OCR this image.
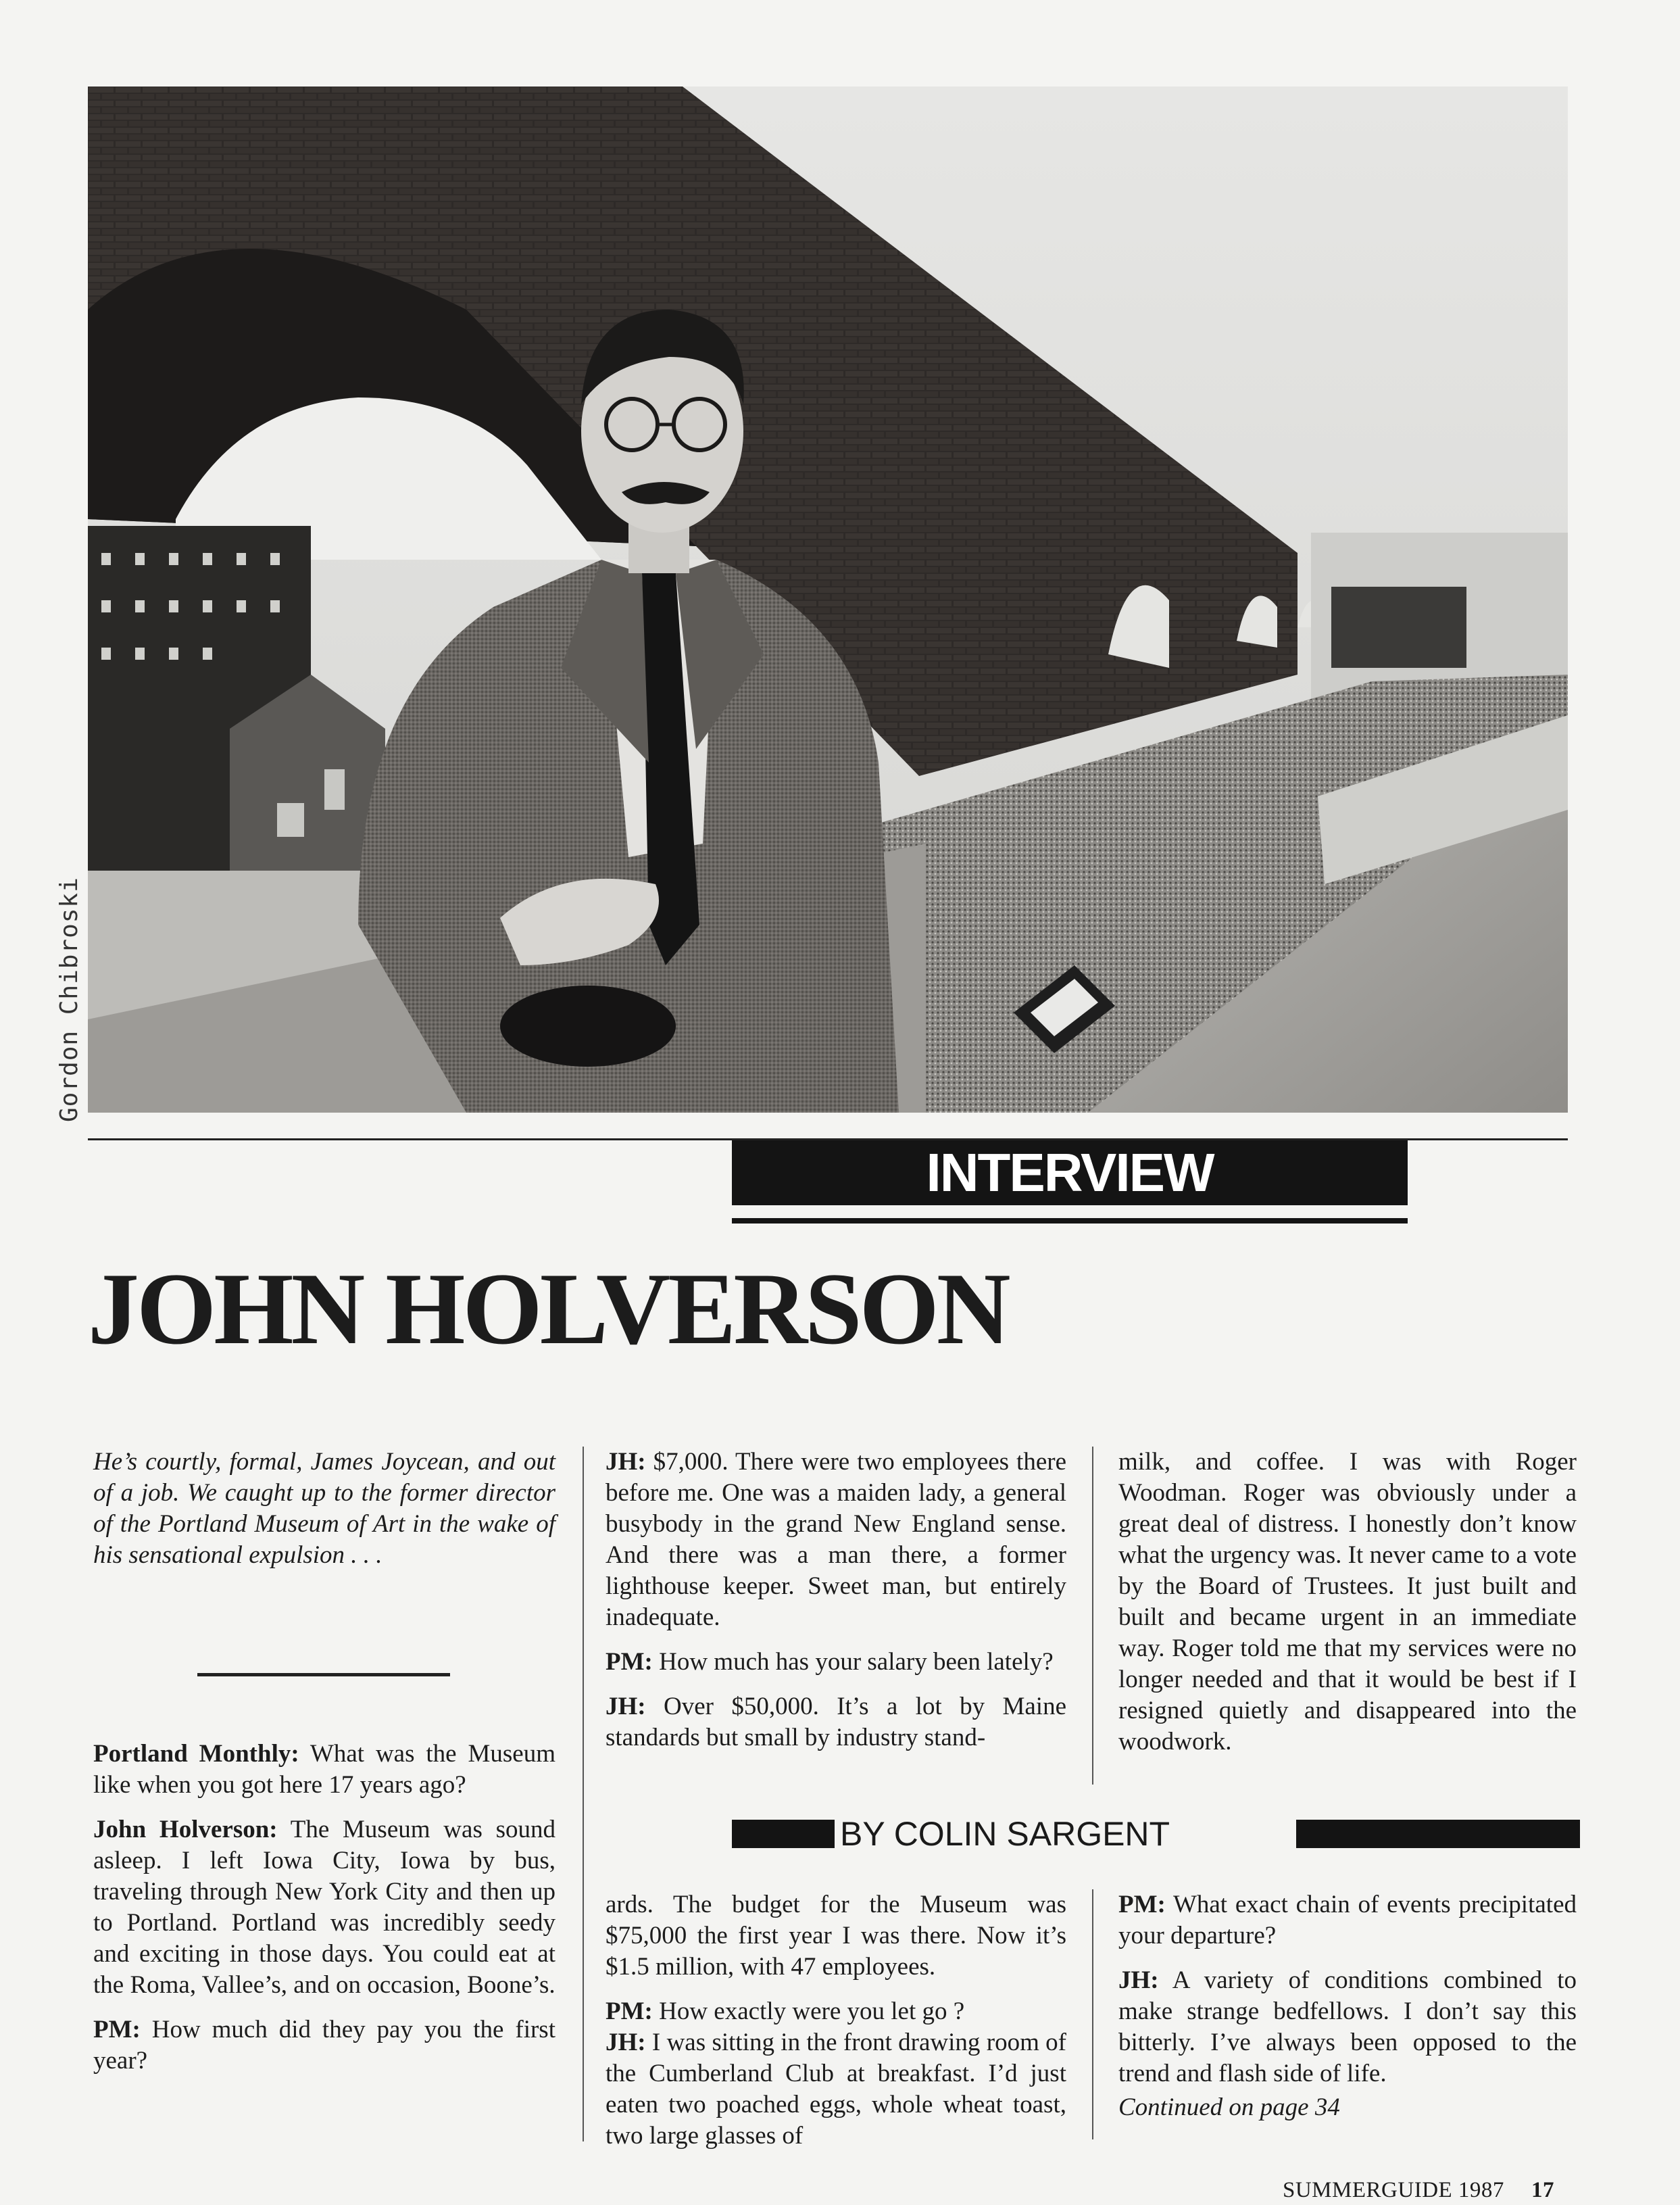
Gordon Chibroski
INTERVIEW
JOHN HOLVERSON

He’s courtly, formal, James Joycean, and out of a job. We caught up to the former director of the Portland Museum of Art in the wake of his sensational expulsion . . .

Portland Monthly: What was the Museum like when you got here 17 years ago?

John Holverson: The Museum was sound asleep. I left Iowa City, Iowa by bus, traveling through New York City and then up to Portland. Portland was incredibly seedy and exciting in those days. You could eat at the Roma, Vallee’s, and on occasion, Boone’s.

PM: How much did they pay you the first year?

JH: $7,000. There were two employees there before me. One was a maiden lady, a general busybody in the grand New England sense. And there was a man there, a former lighthouse keeper. Sweet man, but entirely inadequate.

PM: How much has your salary been lately?

JH: Over $50,000. It’s a lot by Maine standards but small by industry stand-

milk, and coffee. I was with Roger Woodman. Roger was obviously under a great deal of distress. I honestly don’t know what the urgency was. It never came to a vote by the Board of Trustees. It just built and built and became urgent in an immediate way. Roger told me that my services were no longer needed and that it would be best if I resigned quietly and disappeared into the woodwork.

BY COLIN SARGENT

ards. The budget for the Museum was $75,000 the first year I was there. Now it’s $1.5 million, with 47 employees.

PM: How exactly were you let go ?

JH: I was sitting in the front drawing room of the Cumberland Club at breakfast. I’d just eaten two poached eggs, whole wheat toast, two large glasses of

PM: What exact chain of events precipitated your departure?

JH: A variety of conditions combined to make strange bedfellows. I don’t say this bitterly. I’ve always been opposed to the trend and flash side of life.

Continued on page 34

SUMMERGUIDE 1987 17
